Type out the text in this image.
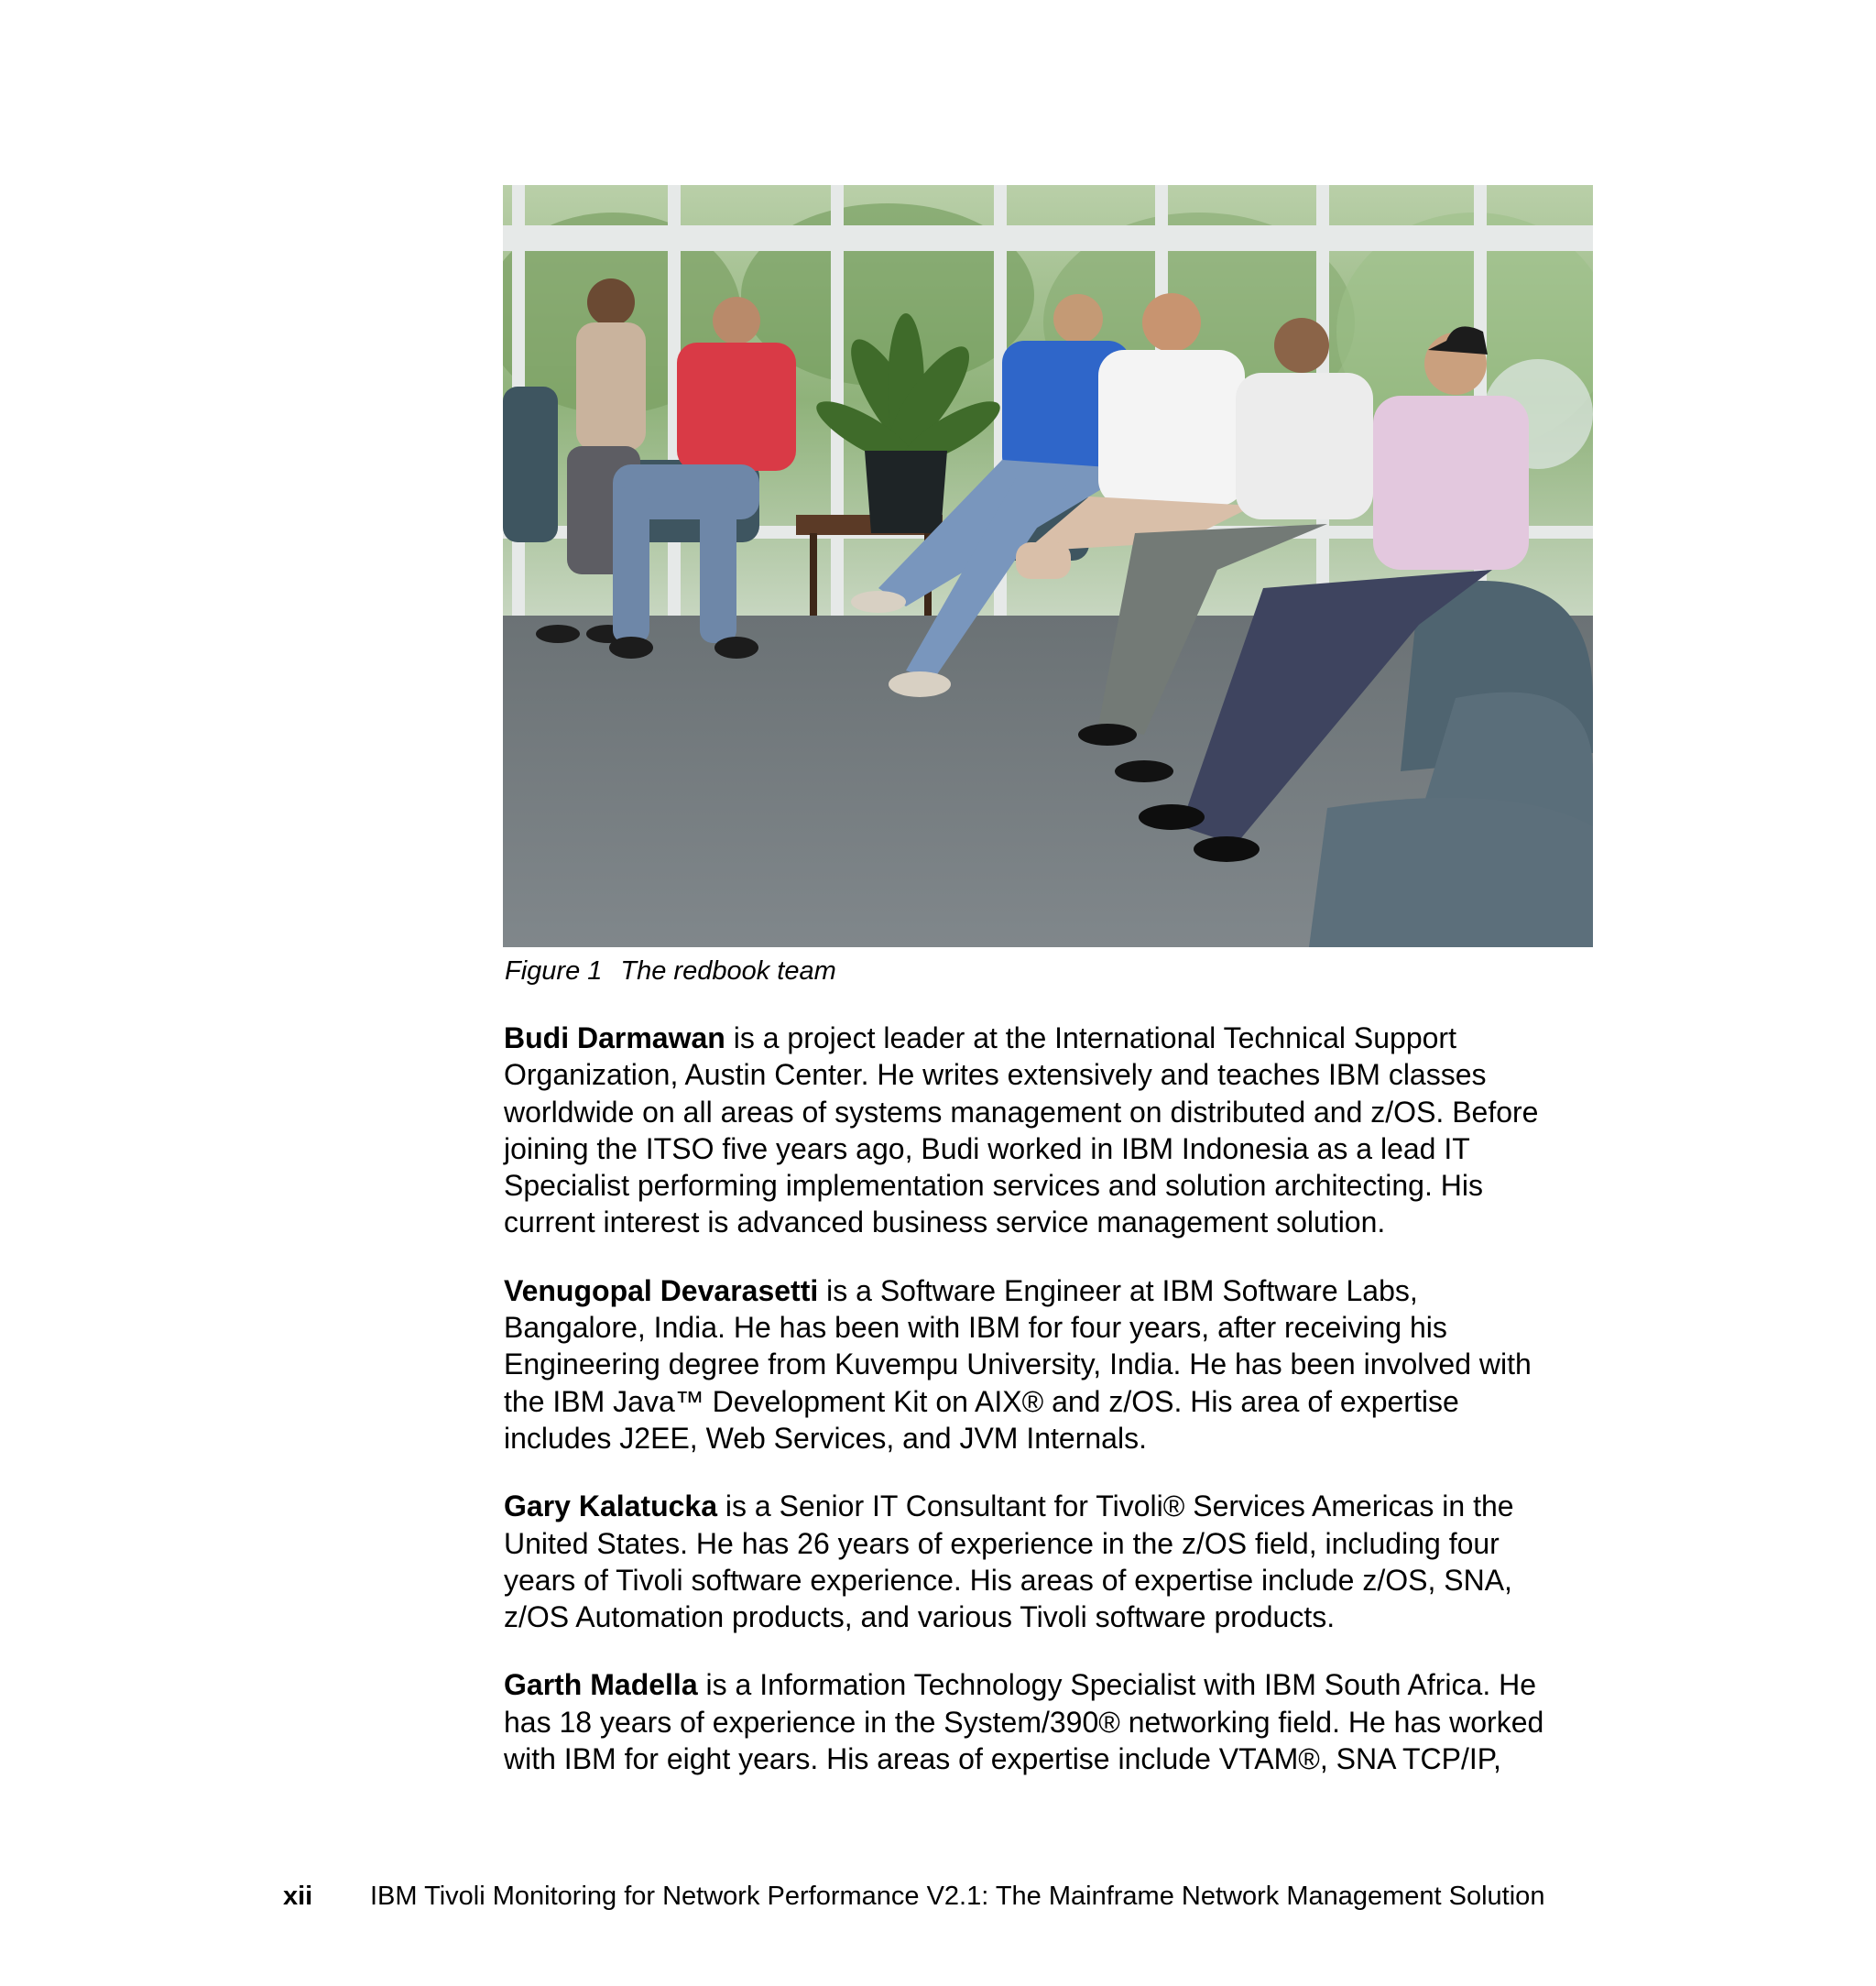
Figure 1 The redbook team

Budi Darmawan is a project leader at the International Technical Support
Organization, Austin Center. He writes extensively and teaches IBM classes
worldwide on all areas of systems management on distributed and z/OS. Before
joining the ITSO five years ago, Budi worked in IBM Indonesia as a lead IT
Specialist performing implementation services and solution architecting. His
current interest is advanced business service management solution.

Venugopal Devarasetti is a Software Engineer at IBM Software Labs,
Bangalore, India. He has been with IBM for four years, after receiving his
Engineering degree from Kuvempu University, India. He has been involved with
the IBM Java™ Development Kit on AIX® and z/OS. His area of expertise
includes J2EE, Web Services, and JVM Internals.

Gary Kalatucka is a Senior IT Consultant for Tivoli® Services Americas in the
United States. He has 26 years of experience in the z/OS field, including four
years of Tivoli software experience. His areas of expertise include z/OS, SNA,
z/OS Automation products, and various Tivoli software products.

Garth Madella is a Information Technology Specialist with IBM South Africa. He
has 18 years of experience in the System/390® networking field. He has worked
with IBM for eight years. His areas of expertise include VTAM®, SNA TCP/IP,

xii IBM Tivoli Monitoring for Network Performance V2.1: The Mainframe Network Management Solution
